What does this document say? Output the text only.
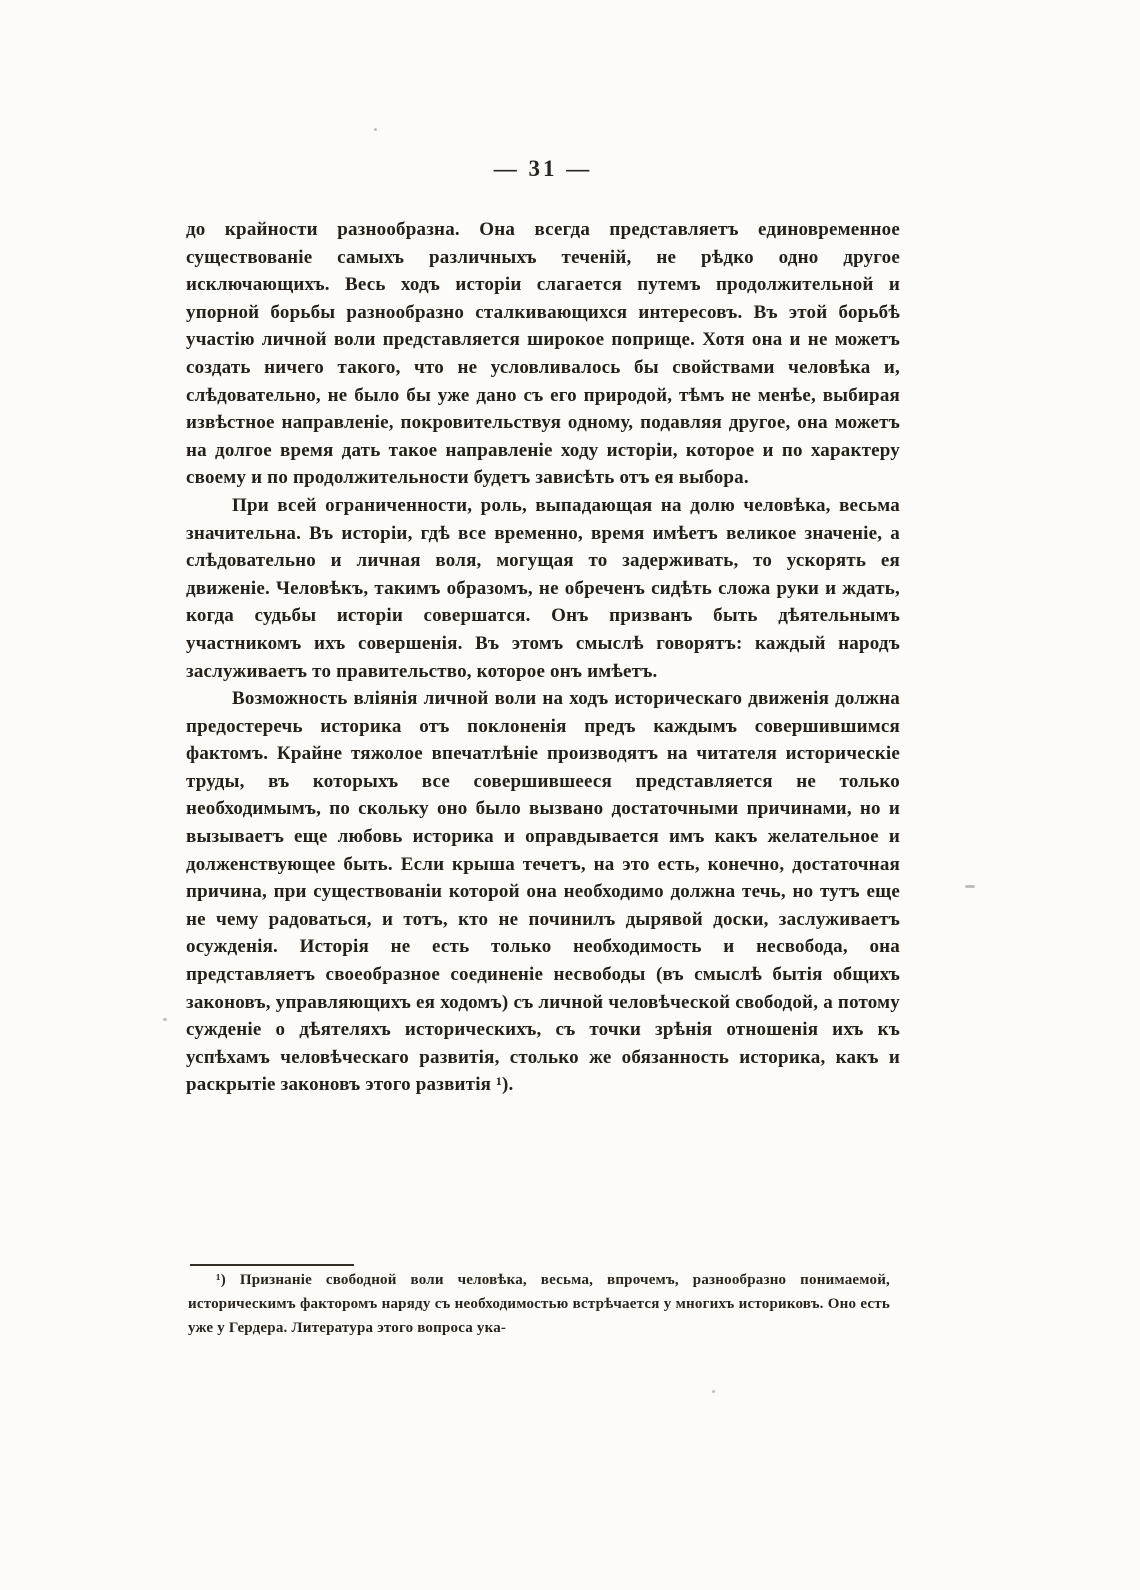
— 31 —

до крайности разнообразна. Она всегда представляетъ единовременное существованіе самыхъ различныхъ теченій, не рѣдко одно другое исключающихъ. Весь ходъ исторіи слагается путемъ продолжительной и упорной борьбы разнообразно сталкивающихся интересовъ. Въ этой борьбѣ участію личной воли представляется широкое поприще. Хотя она и не можетъ создать ничего такого, что не условливалось бы свойствами человѣка и, слѣдовательно, не было бы уже дано съ его природой, тѣмъ не менѣе, выбирая извѣстное направленіе, покровительствуя одному, подавляя другое, она можетъ на долгое время дать такое направленіе ходу исторіи, которое и по характеру своему и по продолжительности будетъ зависѣть отъ ея выбора.

При всей ограниченности, роль, выпадающая на долю человѣка, весьма значительна. Въ исторіи, гдѣ все временно, время имѣетъ великое значеніе, а слѣдовательно и личная воля, могущая то задерживать, то ускорять ея движеніе. Человѣкъ, такимъ образомъ, не обреченъ сидѣть сложа руки и ждать, когда судьбы исторіи совершатся. Онъ призванъ быть дѣятельнымъ участникомъ ихъ совершенія. Въ этомъ смыслѣ говорятъ: каждый народъ заслуживаетъ то правительство, которое онъ имѣетъ.

Возможность вліянія личной воли на ходъ историческаго движенія должна предостеречь историка отъ поклоненія предъ каждымъ совершившимся фактомъ. Крайне тяжолое впечатлѣніе производятъ на читателя историческіе труды, въ которыхъ все совершившееся представляется не только необходимымъ, по скольку оно было вызвано достаточными причинами, но и вызываетъ еще любовь историка и оправдывается имъ какъ желательное и долженствующее быть. Если крыша течетъ, на это есть, конечно, достаточная причина, при существованіи которой она необходимо должна течь, но тутъ еще не чему радоваться, и тотъ, кто не починилъ дырявой доски, заслуживаетъ осужденія. Исторія не есть только необходимость и несвобода, она представляетъ своеобразное соединеніе несвободы (въ смыслѣ бытія общихъ законовъ, управляющихъ ея ходомъ) съ личной человѣческой свободой, а потому сужденіе о дѣятеляхъ историческихъ, съ точки зрѣнія отношенія ихъ къ успѣхамъ человѣческаго развитія, столько же обязанность историка, какъ и раскрытіе законовъ этого развитія ¹).

¹) Признаніе свободной воли человѣка, весьма, впрочемъ, разнообразно понимаемой, историческимъ факторомъ наряду съ необходимостью встрѣчается у многихъ историковъ. Оно есть уже у Гердера. Литература этого вопроса ука-
